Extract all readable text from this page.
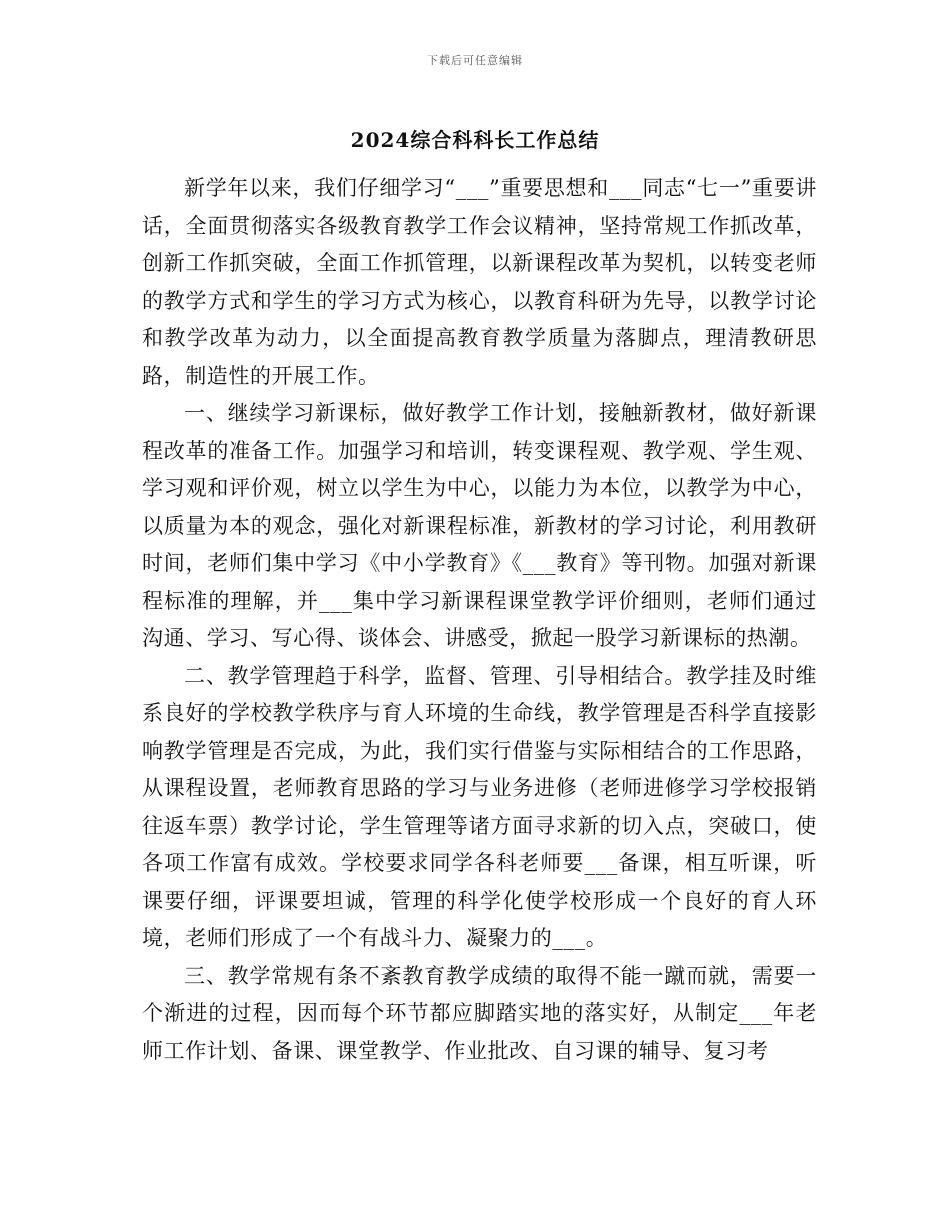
下载后可任意编辑
2024综合科科长工作总结

新学年以来，我们仔细学习“___”重要思想和___同志“七一”重要讲话，全面贯彻落实各级教育教学工作会议精神，坚持常规工作抓改革，创新工作抓突破，全面工作抓管理，以新课程改革为契机，以转变老师的教学方式和学生的学习方式为核心，以教育科研为先导，以教学讨论和教学改革为动力，以全面提高教育教学质量为落脚点，理清教研思路，制造性的开展工作。

一、继续学习新课标，做好教学工作计划，接触新教材，做好新课程改革的准备工作。加强学习和培训，转变课程观、教学观、学生观、学习观和评价观，树立以学生为中心，以能力为本位，以教学为中心，以质量为本的观念，强化对新课程标准，新教材的学习讨论，利用教研时间，老师们集中学习《中小学教育》《___教育》等刊物。加强对新课程标准的理解，并___集中学习新课程课堂教学评价细则，老师们通过沟通、学习、写心得、谈体会、讲感受，掀起一股学习新课标的热潮。

二、教学管理趋于科学，监督、管理、引导相结合。教学挂及时维系良好的学校教学秩序与育人环境的生命线，教学管理是否科学直接影响教学管理是否完成，为此，我们实行借鉴与实际相结合的工作思路，从课程设置，老师教育思路的学习与业务进修（老师进修学习学校报销往返车票）教学讨论，学生管理等诸方面寻求新的切入点，突破口，使各项工作富有成效。学校要求同学各科老师要___备课，相互听课，听课要仔细，评课要坦诚，管理的科学化使学校形成一个良好的育人环境，老师们形成了一个有战斗力、凝聚力的___。

三、教学常规有条不紊教育教学成绩的取得不能一蹴而就，需要一个渐进的过程，因而每个环节都应脚踏实地的落实好，从制定___年老师工作计划、备课、课堂教学、作业批改、自习课的辅导、复习考
